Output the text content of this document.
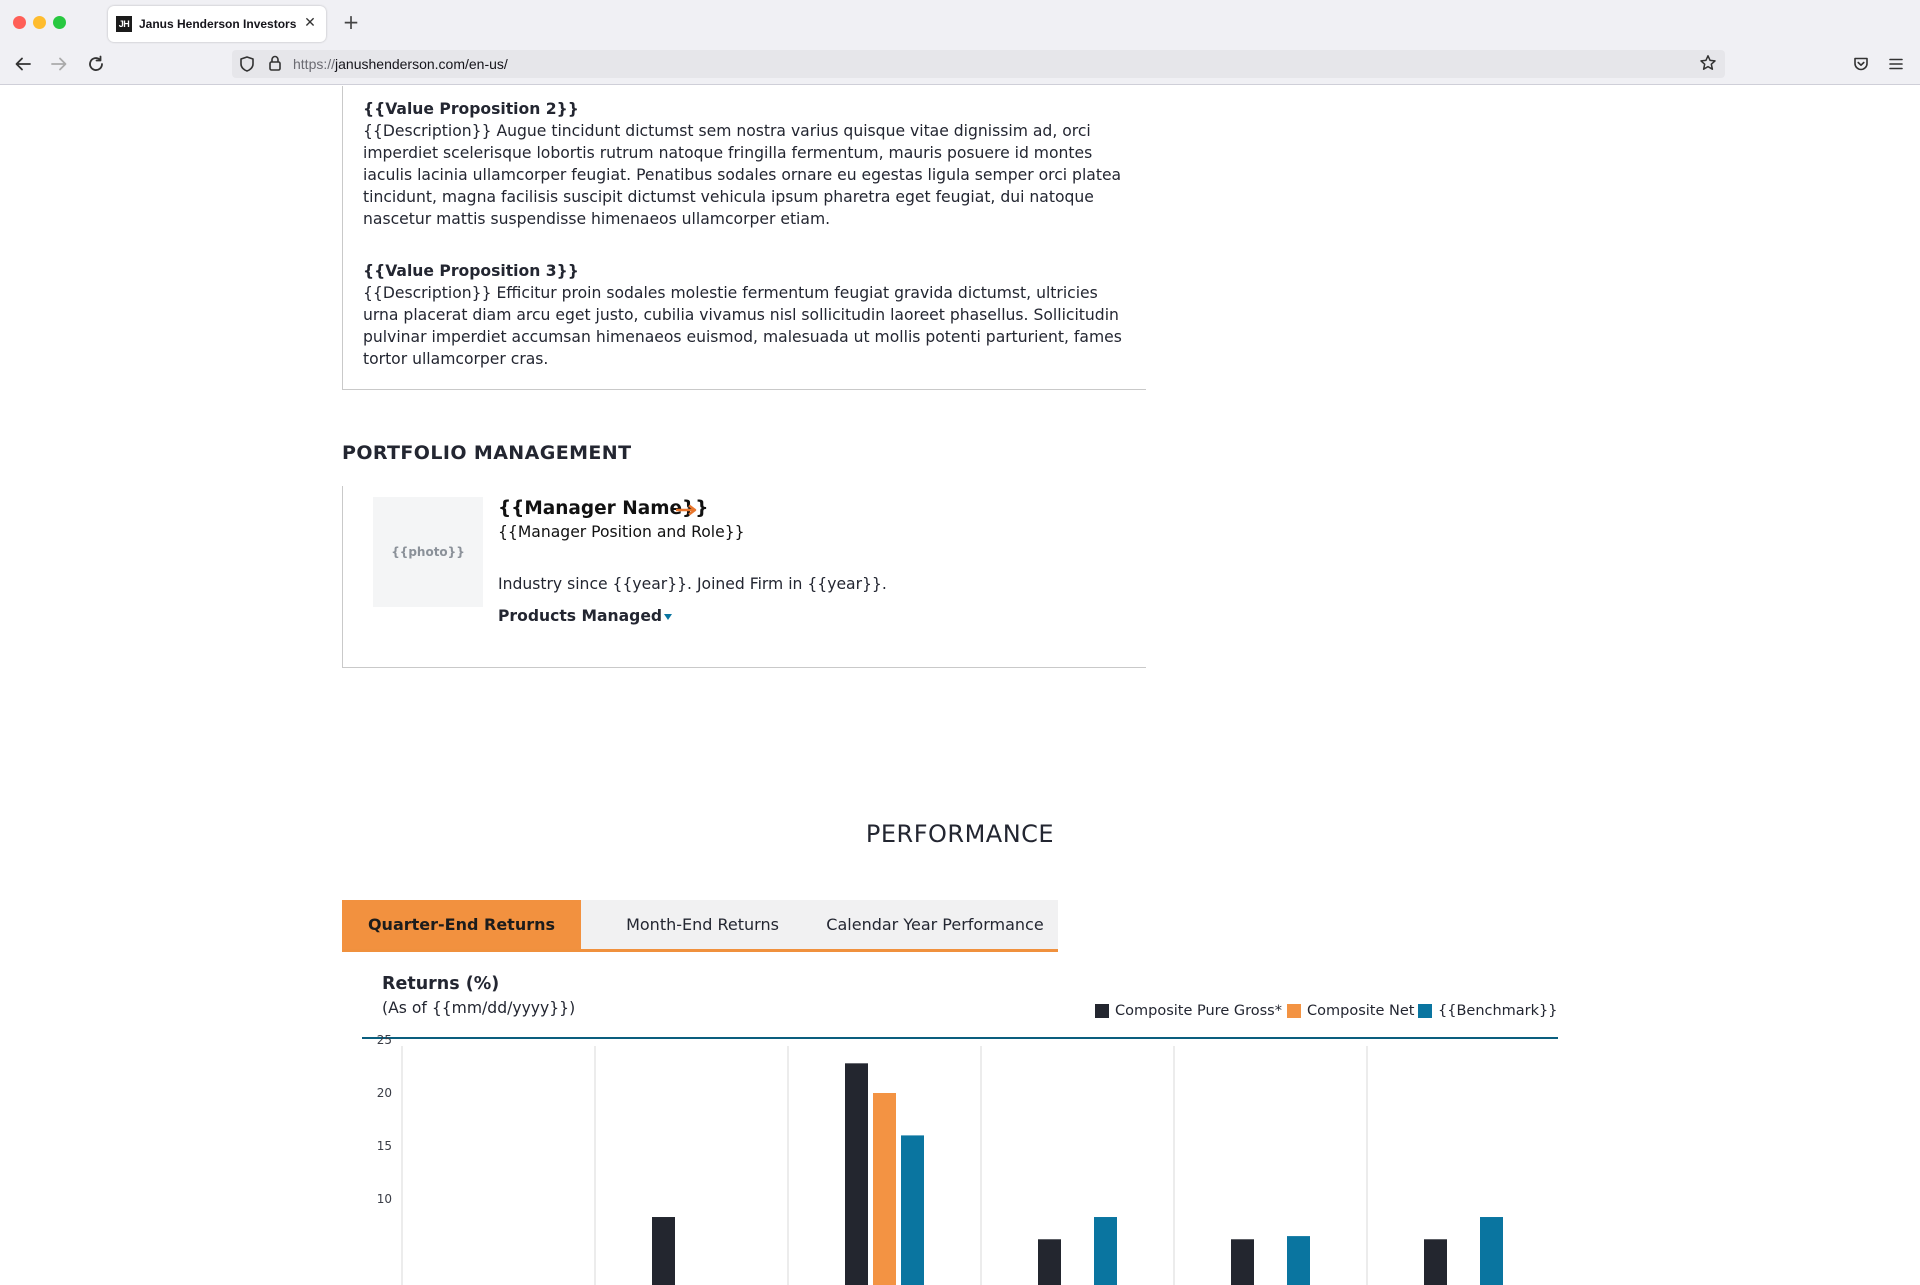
JH Janus Henderson Investors ✕ +
https://janushenderson.com/en-us/
{{Value Proposition 2}}
{{Description}} Augue tincidunt dictumst sem nostra varius quisque vitae dignissim ad, orci imperdiet scelerisque lobortis rutrum natoque fringilla fermentum, mauris posuere id montes iaculis lacinia ullamcorper feugiat. Penatibus sodales ornare eu egestas ligula semper orci platea tincidunt, magna facilisis suscipit dictumst vehicula ipsum pharetra eget feugiat, dui natoque nascetur mattis suspendisse himenaeos ullamcorper etiam.
{{Value Proposition 3}}
{{Description}} Efficitur proin sodales molestie fermentum feugiat gravida dictumst, ultricies urna placerat diam arcu eget justo, cubilia vivamus nisl sollicitudin laoreet phasellus. Sollicitudin pulvinar imperdiet accumsan himenaeos euismod, malesuada ut mollis potenti parturient, fames tortor ullamcorper cras.
PORTFOLIO MANAGEMENT
{{photo}}
{{Manager Name}}
{{Manager Position and Role}}
Industry since {{year}}. Joined Firm in {{year}}.
Products Managed
PERFORMANCE
Quarter-End Returns	Month-End Returns	Calendar Year Performance
Returns (%)
(As of {{mm/dd/yyyy}})	Composite Pure Gross* Composite Net {{Benchmark}}
10
15
20
25
